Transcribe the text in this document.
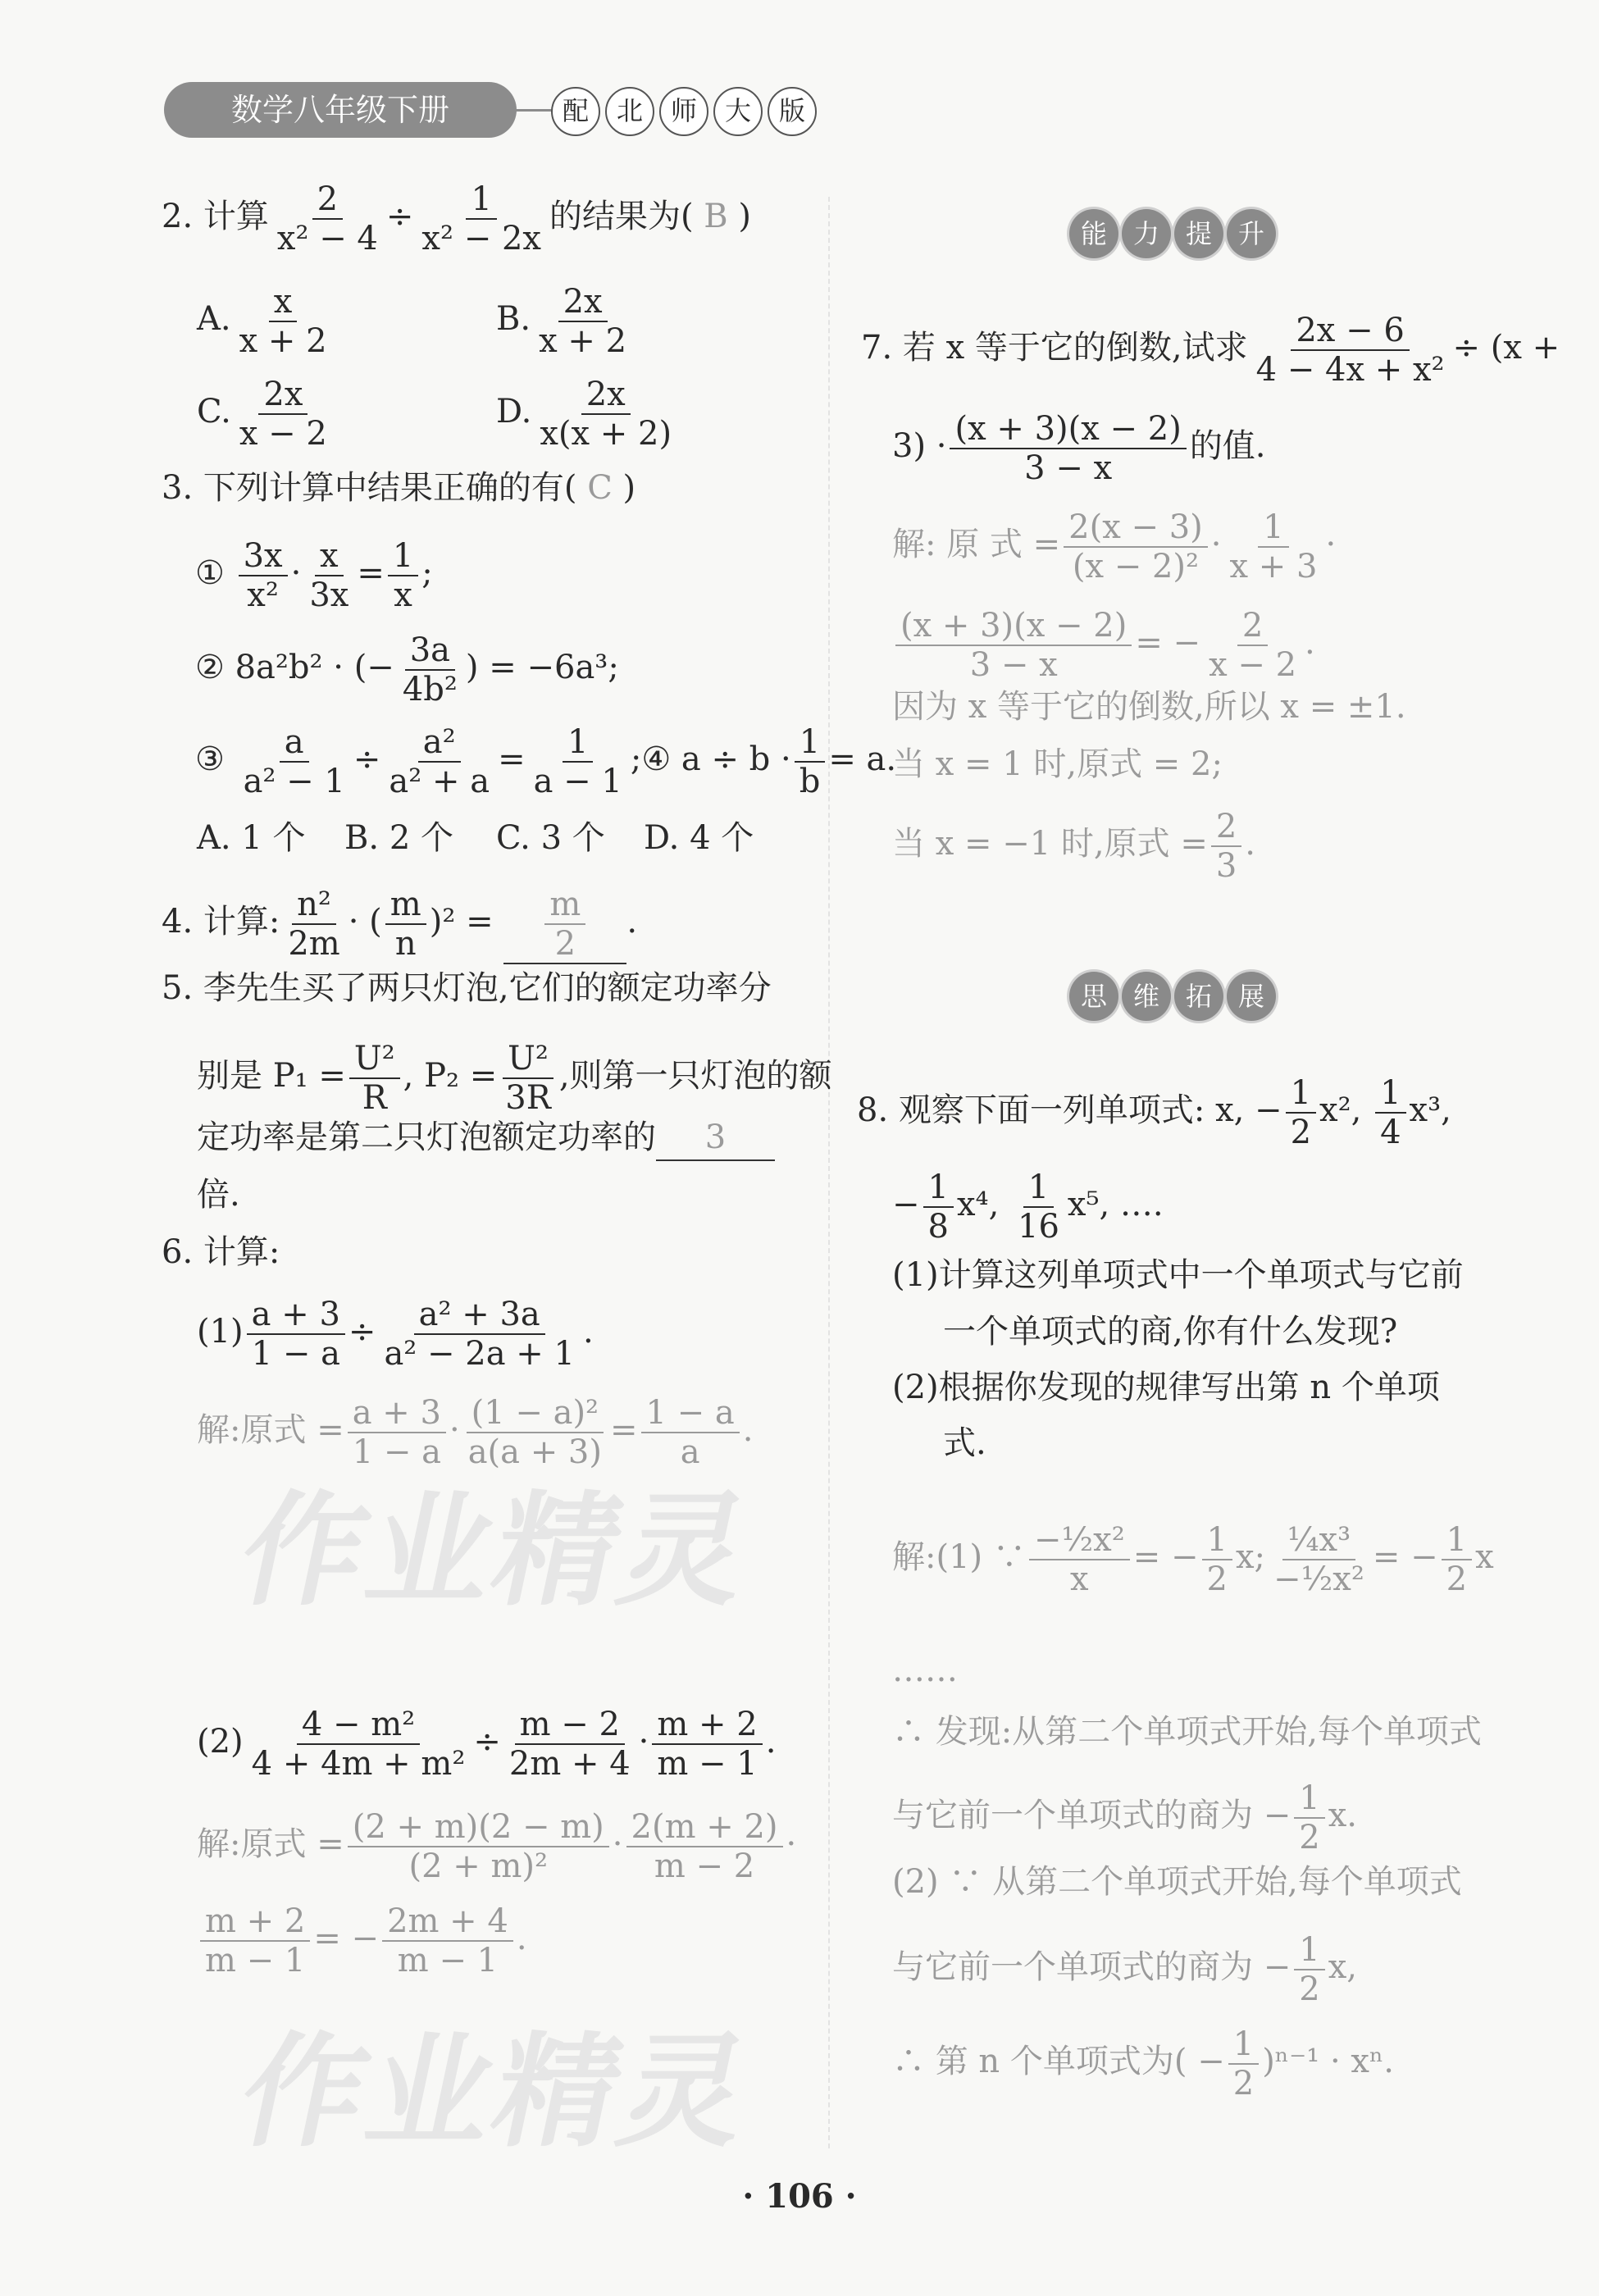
数学八年级下册	配 北 师 大 版
作业精灵
作业精灵
2. 计算 $\frac{2}{\text{x² − 4}} \div \frac{1}{\text{x² − 2x}}$ 的结果为( B )
A. $\frac{x}{x + 2}$	B. $\frac{2x}{x + 2}$
C. $\frac{2x}{x - 2}$	D. $\frac{2x}{x(x + 2)}$
3. 下列计算中结果正确的有( C )
① $\frac{3x}{\text{x²}} \cdot \frac{x}{3x} = \frac{1}{x}$ ;
② 8a²b² · (− $\frac{3a}{\text{4b²}}$ ) = −6a³;
③ $\frac{a}{\text{a² − 1}} \div \frac{\text{a²}}{\text{a² + a}} = \frac{1}{a - 1}$ ;④ $a \div b \cdot \frac{1}{b} = a$.
A. 1 个 B. 2 个 C. 3 个 D. 4 个
4. 计算: $\frac{\text{n²}}{2m}$ · ( $\frac{m}{n} )^2 = \frac{m}{2}$ .
5. 李先生买了两只灯泡,它们的额定功率分
别是 $P_1 = \frac{\text{U²}}{R}$ , $P_2 = \frac{\text{U²}}{3R}$ ,则第一只灯泡的额
定功率是第二只灯泡额定功率的 3
倍.
6. 计算:
$(1) \frac{a + 3}{1 - a} \div \frac{\text{a² + 3a}}{\text{a² − 2a + 1}}$ .
解:原式 = $\frac{a + 3}{1 - a} \cdot \frac{\text{(1 − a)²}}{a(a + 3)} = \frac{1 - a}{a}$ .
$(2) \frac{\text{4 − m²}}{\text{4 + 4m + m²}} \div \frac{m - 2}{2m + 4} \cdot \frac{m + 2}{m - 1}$ .
解:原式 = $\frac{(2 + m)(2 - m)}{\text{(2 + m)²}} \cdot \frac{2(m + 2)}{m - 2}$ ·
$\frac{m + 2}{m - 1}$ = − $\frac{2m + 4}{m - 1}$ .
能 力 提 升
7. 若 x 等于它的倒数,试求 $\frac{2x - 6}{\text{4 − 4x + x²}} \div (x$ +
$3) \cdot \frac{(x + 3)(x - 2)}{3 - x}$ 的值.
解: 原 式 = $\frac{2(x - 3)}{\text{(x − 2)²}} \cdot \frac{1}{x + 3}$ ·
$\frac{(x + 3)(x - 2)}{3 - x}$ = − $\frac{2}{x - 2}$ .
因为 x 等于它的倒数,所以 x = ±1.
当 x = 1 时,原式 = 2;
当 x = −1 时,原式 = $\frac{2}{3}$ .
思 维 拓 展
8. 观察下面一列单项式: x, − $\frac{1}{2} x^2$, $\frac{1}{4} x^3$,
− $\frac{1}{8} x^4$, $\frac{1}{16} x^5$, ….
(1)计算这列单项式中一个单项式与它前
一个单项式的商,你有什么发现?
(2)根据你发现的规律写出第 n 个单项
式.
解:(1) ∵ $\frac{\text{−½x²}}{x}$ = − $\frac{1}{2} x$; $\frac{\text{¼x³}}{\text{−½x²}}$ = − $\frac{1}{2}$ x
……
∴ 发现:从第二个单项式开始,每个单项式
与它前一个单项式的商为 − $\frac{1}{2} x$.
(2) ∵ 从第二个单项式开始,每个单项式
与它前一个单项式的商为 − $\frac{1}{2} x$,
∴ 第 n 个单项式为( − $\frac{1}{2} )^{n-1} \cdot x^n$.
· 106 ·
